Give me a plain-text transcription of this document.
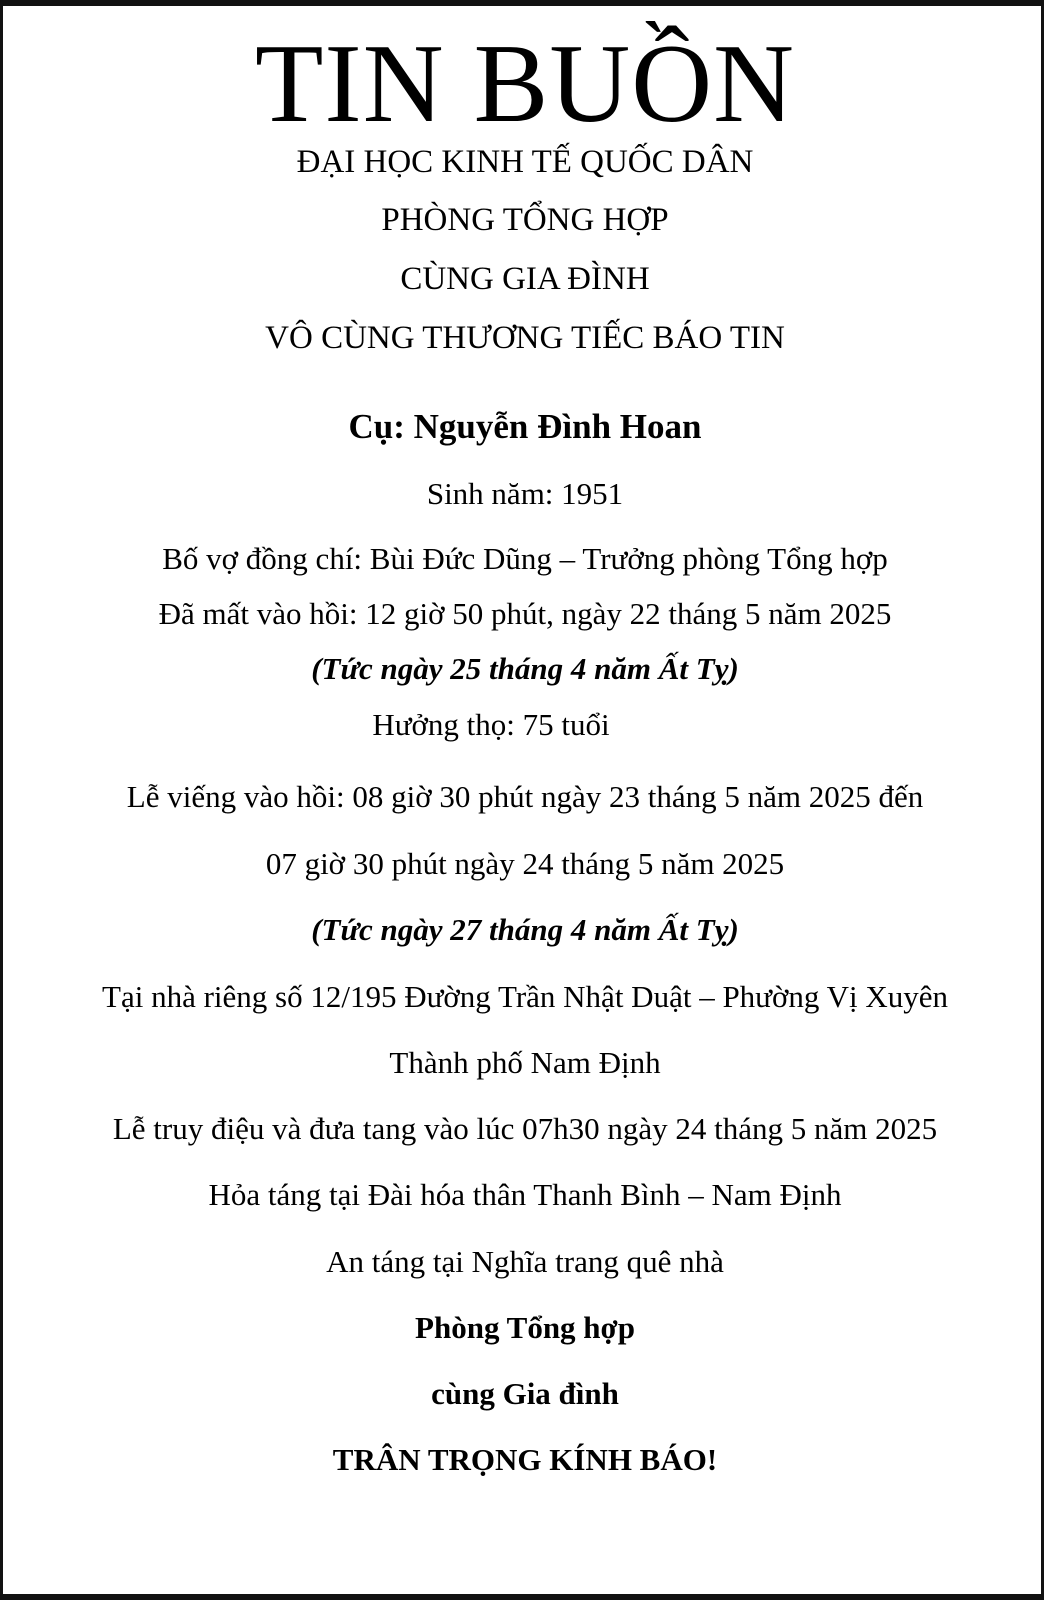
TIN BUỒN
ĐẠI HỌC KINH TẾ QUỐC DÂN
PHÒNG TỔNG HỢP
CÙNG GIA ĐÌNH
VÔ CÙNG THƯƠNG TIẾC BÁO TIN
Cụ: Nguyễn Đình Hoan
Sinh năm: 1951
Bố vợ đồng chí: Bùi Đức Dũng – Trưởng phòng Tổng hợp
Đã mất vào hồi: 12 giờ 50 phút, ngày 22 tháng 5 năm 2025
(Tức ngày 25 tháng 4 năm Ất Tỵ)
Hưởng thọ: 75 tuổi
Lễ viếng vào hồi: 08 giờ 30 phút ngày 23 tháng 5 năm 2025 đến
07 giờ 30 phút ngày 24 tháng 5 năm 2025
(Tức ngày 27 tháng 4 năm Ất Tỵ)
Tại nhà riêng số 12/195 Đường Trần Nhật Duật – Phường Vị Xuyên
Thành phố Nam Định
Lễ truy điệu và đưa tang vào lúc 07h30 ngày 24 tháng 5 năm 2025
Hỏa táng tại Đài hóa thân Thanh Bình – Nam Định
An táng tại Nghĩa trang quê nhà
Phòng Tổng hợp
cùng Gia đình
TRÂN TRỌNG KÍNH BÁO!
